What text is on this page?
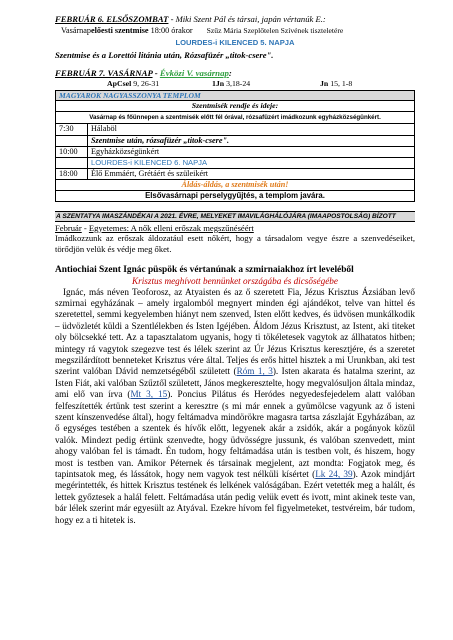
FEBRUÁR 6. ELSŐSZOMBAT - Miki Szent Pál és társai, japán vértanúk E.:
Vasárnap előesti szentmise 18:00 órakor Szűz Mária Szeplőtelen Szívének tiszteletére
LOURDES-i KILENCED 5. NAPJA
Szentmise és a Lorettói litánia után, Rózsafüzér „titok-csere".
FEBRUÁR 7. VASÁRNAP - Évközi V. vasárnap:
ApCsel 9, 26-31	1Jn 3,18-24	Jn 15, 1-8
MAGYAROK NAGYASSZONYA TEMPLOM
Szentmisék rendje és ideje:
Vasárnap és főünnepen a szentmisék előtt fél órával, rózsafüzért imádkozunk egyházközségünkért.
7:30	Hálaböl
	Szentmise után, rózsafüzér „titok-csere".
10:00	Egyházközségünkért
	LOURDES-i KILENCED 6. NAPJA
18:00	Élő Emmáért, Grétáért és szüleikért
Áldás-áldás, a szentmisék után!	
Elsővasárnapi perselygyűjtés, a templom javára.	
A SZENTATYA IMASZÁNDÉKAI A 2021. ÉVRE, MELYEKET IMAVILÁGHÁLÓJÁRA (IMAAPOSTOLSÁG) BÍZOTT
Február - Egyetemes: A nők elleni erőszak megszűnéséért
Imádkozzunk az erőszak áldozatául esett nőkért, hogy a társadalom vegye észre a szenvedéseiket, törődjön velük és védje meg őket.
Antiochiai Szent Ignác püspök és vértanúnak a szmirnaiakhoz írt leveléből
Krisztus meghívott bennünket országába és dicsőségébe

Ignác, más néven Teoforosz, az Atyaisten és az ő szeretett Fia, Jézus Krisztus Ázsiában levő szmirnai egyházának – amely irgalomból megnyert minden égi ajándékot, telve van hittel és szeretettel, semmi kegyelemben hiányt nem szenved, Isten előtt kedves, és üdvösen munkálkodik – üdvözletét küldi a Szentlélekben és Isten Igéjében. Áldom Jézus Krisztust, az Istent, aki titeket oly bölcsekké tett. Az a tapasztalatom ugyanis, hogy ti tökéletesek vagytok az állhatatos hitben; mintegy rá vagytok szegezve test és lélek szerint az Úr Jézus Krisztus keresztjére, és a szeretet megszilárdított benneteket Krisztus vére által. Teljes és erős hittel hisztek a mi Urunkban, aki test szerint valóban Dávid nemzetségéből született (Róm 1, 3). Isten akarata és hatalma szerint, az Isten Fiát, aki valóban Szűztől született, János megkeresztelte, hogy megvalósuljon általa mindaz, ami elő van írva (Mt 3, 15). Poncius Pilátus és Heródes negyedesfejedelem alatt valóban felfeszítették értünk test szerint a keresztre (s mi már ennek a gyümölcse vagyunk az ő isteni szent kínszenvedése által), hogy feltámadva mindörökre magasra tartsa zászlaját Egyházában, az ő egységes testében a szentek és hívők előtt, legyenek akár a zsidók, akár a pogányok közül valók. Mindezt pedig értünk szenvedte, hogy üdvösségre jussunk, és valóban szenvedett, mint ahogy valóban fel is támadt. Én tudom, hogy feltámadása után is testben volt, és hiszem, hogy most is testben van. Amikor Péternek és társainak megjelent, azt mondta: Fogjatok meg, és tapintsatok meg, és lássátok, hogy nem vagyok test nélküli kísértet (Lk 24, 39). Azok mindjárt megérintették, és hittek Krisztus testének és lelkének valóságában. Ezért vetették meg a halált, és lettek győztesek a halál felett. Feltámadása után pedig velük evett és ivott, mint akinek teste van, bár lélek szerint már egyesült az Atyával. Ezekre hívom fel figyelmeteket, testvéreim, bár tudom, hogy ez a ti hitetek is.
